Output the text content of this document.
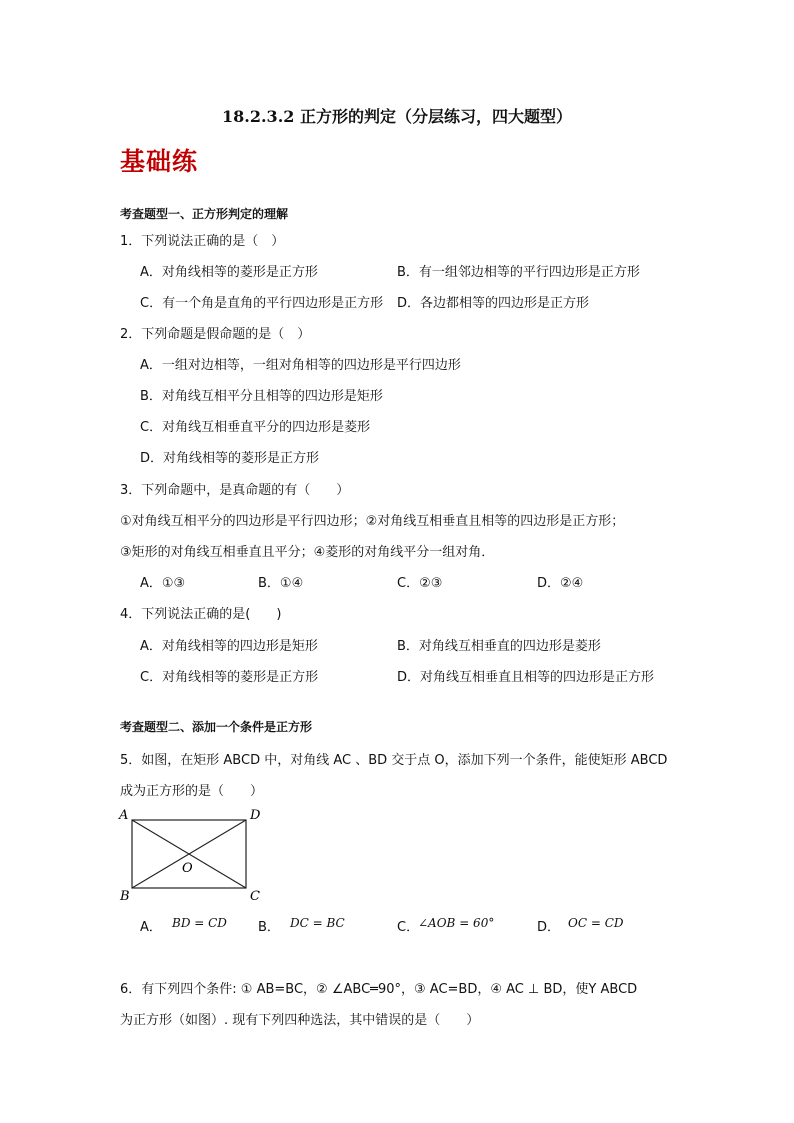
18.2.3.2 正方形的判定（分层练习，四大题型）
基础练
考查题型一、正方形判定的理解
1．下列说法正确的是（　）
A．对角线相等的菱形是正方形	B．有一组邻边相等的平行四边形是正方形
C．有一个角是直角的平行四边形是正方形 D．各边都相等的四边形是正方形
2．下列命题是假命题的是（　）
A．一组对边相等，一组对角相等的四边形是平行四边形
B．对角线互相平分且相等的四边形是矩形
C．对角线互相垂直平分的四边形是菱形
D．对角线相等的菱形是正方形
3．下列命题中，是真命题的有（　　）
①对角线互相平分的四边形是平行四边形；②对角线互相垂直且相等的四边形是正方形；
③矩形的对角线互相垂直且平分；④菱形的对角线平分一组对角．
A．①③	B．①④	C．②③	D．②④
4．下列说法正确的是(　　)
A．对角线相等的四边形是矩形	B．对角线互相垂直的四边形是菱形
C．对角线相等的菱形是正方形	D．对角线互相垂直且相等的四边形是正方形
考查题型二、添加一个条件是正方形
5．如图，在矩形 ABCD 中，对角线 AC 、BD 交于点 O，添加下列一个条件，能使矩形 ABCD
成为正方形的是（　　）
A	D
B	C
O
A． BD = CD B． DC = BC	C．
∠AOB = 60°	D． OC = CD
6．有下列四个条件: ① AB=BC，② ∠ABC═90°，③ AC=BD，④ AC ⊥ BD，使Y ABCD
为正方形（如图）. 现有下列四种选法，其中错误的是（　　）
